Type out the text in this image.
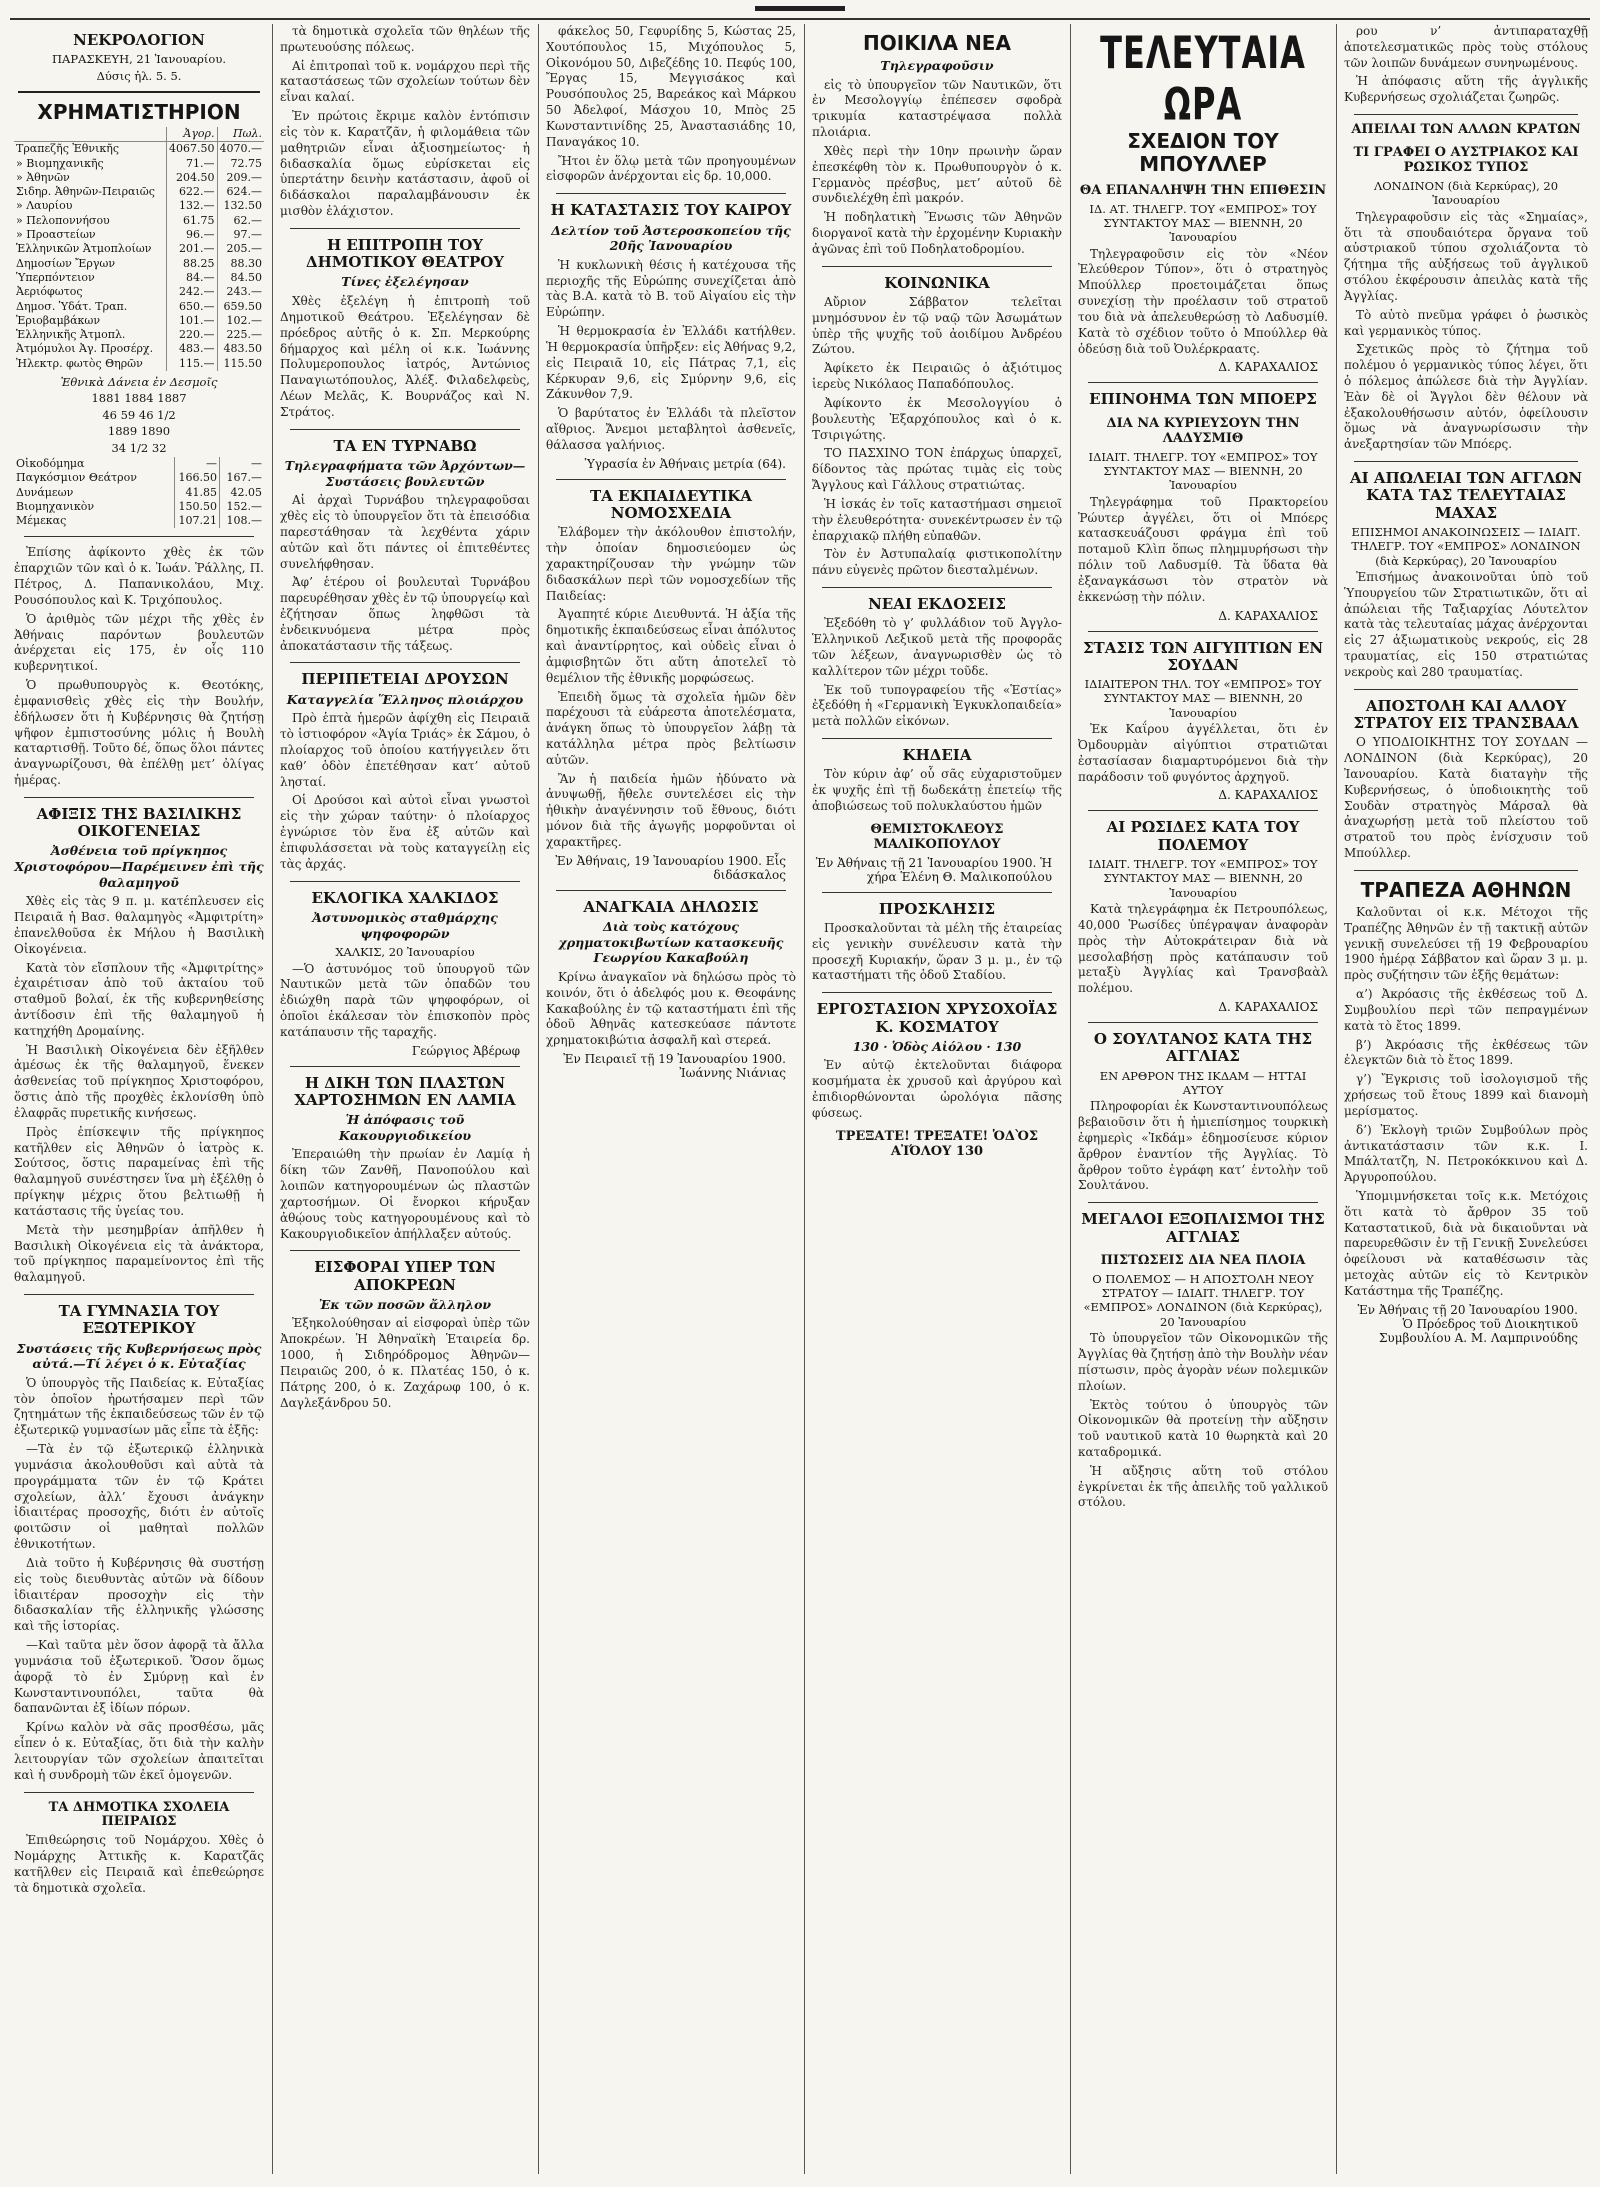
ΝΕΚΡΟΛΟΓΙΟΝ
ΠΑΡΑΣΚΕΥΗ, 21 Ἰανουαρίου.
Δύσις ἡλ. 5. 5.
ΧΡΗΜΑΤΙΣΤΗΡΙΟΝ
	Ἀγορ.	Πωλ.
Τραπεζῆς Ἐθνικῆς	4067.50	4070.—
» Βιομηχανικῆς	71.—	72.75
» Ἀθηνῶν	204.50	209.—
Σιδηρ. Ἀθηνῶν-Πειραιῶς	622.—	624.—
» Λαυρίου	132.—	132.50
» Πελοποννήσου	61.75	62.—
» Προαστείων	96.—	97.—
Ἑλληνικῶν Ἀτμοπλοίων	201.—	205.—
Δημοσίων Ἔργων	88.25	88.30
Ὑπερπόντειον	84.—	84.50
Ἀεριόφωτος	242.—	243.—
Δημοσ. Ὑδάτ. Τραπ.	650.—	659.50
Ἐριοβαμβάκων	101.—	102.—
Ἑλληνικῆς Ἀτμοπλ.	220.—	225.—
Ἀτμόμυλοι Ἀγ. Προσέρχ.	483.—	483.50
Ἠλεκτρ. φωτὸς Θηρῶν	115.—	115.50
Ἐθνικὰ Δάνεια ἐν Δεσμοῖς
1881 1884 1887
46 59 46 1/2
1889 1890
34 1/2 32
Οἰκοδόμημα	—	—
Παγκόσμιον Θεάτρον	166.50	167.—
Δυνάμεων	41.85	42.05
Βιομηχανικὸν	150.50	152.—
Μέμεκας	107.21	108.—

Ἐπίσης ἀφίκοντο χθὲς ἐκ τῶν ἐπαρχιῶν τῶν καὶ ὁ κ. Ἰωάν. Ῥάλλης, Π. Πέτρος, Δ. Παπανικολάου, Μιχ. Ρουσόπουλος καὶ Κ. Τριχόπουλος.

Ὁ ἀριθμὸς τῶν μέχρι τῆς χθὲς ἐν Ἀθήναις παρόντων βουλευτῶν ἀνέρχεται εἰς 175, ἐν οἷς 110 κυβερνητικοί.

Ὁ πρωθυπουργὸς κ. Θεοτόκης, ἐμφανισθεὶς χθὲς εἰς τὴν Βουλήν, ἐδήλωσεν ὅτι ἡ Κυβέρνησις θὰ ζητήσῃ ψῆφον ἐμπιστοσύνης μόλις ἡ Βουλὴ καταρτισθῇ. Τοῦτο δέ, ὅπως ὅλοι πάντες ἀναγνωρίζουσι, θὰ ἐπέλθῃ μετ’ ὀλίγας ἡμέρας.

ΑΦΙΞΙΣ ΤΗΣ ΒΑΣΙΛΙΚΗΣ ΟΙΚΟΓΕΝΕΙΑΣ
Ἀσθένεια τοῦ πρίγκηπος Χριστοφόρου—Παρέμεινεν ἐπὶ τῆς θαλαμηγοῦ

Χθὲς εἰς τὰς 9 π. μ. κατέπλευσεν εἰς Πειραιᾶ ἡ Βασ. θαλαμηγὸς «Ἀμφιτρίτη» ἐπανελθοῦσα ἐκ Μήλου ἡ Βασιλικὴ Οἰκογένεια.

Κατὰ τὸν εἴσπλουν τῆς «Ἀμφιτρίτης» ἐχαιρέτισαν ἀπὸ τοῦ ἀκταίου τοῦ σταθμοῦ βολαί, ἐκ τῆς κυβερνηθείσης ἀντίδοσιν ἐπὶ τῆς θαλαμηγοῦ ἡ κατηχήθη Δρομαίνης.

Ἡ Βασιλικὴ Οἰκογένεια δὲν ἐξῆλθεν ἀμέσως ἐκ τῆς θαλαμηγοῦ, ἕνεκεν ἀσθενείας τοῦ πρίγκηπος Χριστοφόρου, ὅστις ἀπὸ τῆς προχθὲς ἐκλονίσθη ὑπὸ ἐλαφρᾶς πυρετικῆς κινήσεως.

Πρὸς ἐπίσκεψιν τῆς πρίγκηπος κατῆλθεν εἰς Ἀθηνῶν ὁ ἰατρὸς κ. Σούτσος, ὅστις παραμείνας ἐπὶ τῆς θαλαμηγοῦ συνέστησεν ἵνα μὴ ἐξέλθῃ ὁ πρίγκηψ μέχρις ὅτου βελτιωθῇ ἡ κατάστασις τῆς ὑγείας του.

Μετὰ τὴν μεσημβρίαν ἀπῆλθεν ἡ Βασιλικὴ Οἰκογένεια εἰς τὰ ἀνάκτορα, τοῦ πρίγκηπος παραμείνοντος ἐπὶ τῆς θαλαμηγοῦ.

ΤΑ ΓΥΜΝΑΣΙΑ ΤΟΥ ΕΞΩΤΕΡΙΚΟΥ
Συστάσεις τῆς Κυβερνήσεως πρὸς αὐτά.—Τί λέγει ὁ κ. Εὐταξίας

Ὁ ὑπουργὸς τῆς Παιδείας κ. Εὐταξίας τὸν ὁποῖον ἠρωτήσαμεν περὶ τῶν ζητημάτων τῆς ἐκπαιδεύσεως τῶν ἐν τῷ ἐξωτερικῷ γυμνασίων μᾶς εἶπε τὰ ἑξῆς:

—Τὰ ἐν τῷ ἐξωτερικῷ ἑλληνικὰ γυμνάσια ἀκολουθοῦσι καὶ αὐτὰ τὰ προγράμματα τῶν ἐν τῷ Κράτει σχολείων, ἀλλ’ ἔχουσι ἀνάγκην ἰδιαιτέρας προσοχῆς, διότι ἐν αὐτοῖς φοιτῶσιν οἱ μαθηταὶ πολλῶν ἐθνικοτήτων.

Διὰ τοῦτο ἡ Κυβέρνησις θὰ συστήσῃ εἰς τοὺς διευθυντὰς αὐτῶν νὰ δίδουν ἰδιαιτέραν προσοχὴν εἰς τὴν διδασκαλίαν τῆς ἑλληνικῆς γλώσσης καὶ τῆς ἱστορίας.

—Καὶ ταῦτα μὲν ὅσον ἀφορᾷ τὰ ἄλλα γυμνάσια τοῦ ἐξωτερικοῦ. Ὅσον ὅμως ἀφορᾷ τὸ ἐν Σμύρνῃ καὶ ἐν Κωνσταντινουπόλει, ταῦτα θὰ δαπανῶνται ἐξ ἰδίων πόρων.

Κρίνω καλὸν νὰ σᾶς προσθέσω, μᾶς εἶπεν ὁ κ. Εὐταξίας, ὅτι διὰ τὴν καλὴν λειτουργίαν τῶν σχολείων ἀπαιτεῖται καὶ ἡ συνδρομὴ τῶν ἐκεῖ ὁμογενῶν.

ΤΑ ΔΗΜΟΤΙΚΑ ΣΧΟΛΕΙΑ ΠΕΙΡΑΙΩΣ

Ἐπιθεώρησις τοῦ Νομάρχου. Χθὲς ὁ Νομάρχης Ἀττικῆς κ. Καρατζᾶς κατῆλθεν εἰς Πειραιᾶ καὶ ἐπεθεώρησε τὰ δημοτικὰ σχολεῖα.

τὰ δημοτικὰ σχολεῖα τῶν θηλέων τῆς πρωτευούσης πόλεως.

Αἱ ἐπιτροπαὶ τοῦ κ. νομάρχου περὶ τῆς καταστάσεως τῶν σχολείων τούτων δὲν εἶναι καλαί.

Ἐν πρώτοις ἔκριμε καλὸν ἐντόπισιν εἰς τὸν κ. Καρατζᾶν, ἡ φιλομάθεια τῶν μαθητριῶν εἶναι ἀξιοσημείωτος· ἡ διδασκαλία ὅμως εὐρίσκεται εἰς ὑπερτάτην δεινὴν κατάστασιν, ἀφοῦ οἱ διδάσκαλοι παραλαμβάνουσιν ἐκ μισθὸν ἐλάχιστον.

Η ΕΠΙΤΡΟΠΗ ΤΟΥ ΔΗΜΟΤΙΚΟΥ ΘΕΑΤΡΟΥ
Τίνες ἐξελέγησαν

Χθὲς ἐξελέγη ἡ ἐπιτροπὴ τοῦ Δημοτικοῦ Θεάτρου. Ἐξελέγησαν δὲ πρόεδρος αὐτῆς ὁ κ. Σπ. Μερκούρης δήμαρχος καὶ μέλη οἱ κ.κ. Ἰωάννης Πολυμεροπουλος ἰατρός, Ἀντώνιος Παναγιωτόπουλος, Ἀλέξ. Φιλαδελφεὺς, Λέων Μελᾶς, Κ. Βουρνάζος καὶ Ν. Στράτος.

ΤΑ ΕΝ ΤΥΡΝΑΒΩ
Τηλεγραφήματα τῶν Ἀρχόντων—Συστάσεις βουλευτῶν

Αἱ ἀρχαὶ Τυρνάβου τηλεγραφοῦσαι χθὲς εἰς τὸ ὑπουργεῖον ὅτι τὰ ἐπεισόδια παρεστάθησαν τὰ λεχθέντα χάριν αὐτῶν καὶ ὅτι πάντες οἱ ἐπιτεθέντες συνελήφθησαν.

Ἀφ’ ἑτέρου οἱ βουλευταὶ Τυρνάβου παρευρέθησαν χθὲς ἐν τῷ ὑπουργείῳ καὶ ἐζήτησαν ὅπως ληφθῶσι τὰ ἐνδεικνυόμενα μέτρα πρὸς ἀποκατάστασιν τῆς τάξεως.

ΠΕΡΙΠΕΤΕΙΑΙ ΔΡΟΥΣΩΝ
Καταγγελία Ἕλληνος πλοιάρχου

Πρὸ ἑπτὰ ἡμερῶν ἀφίχθη εἰς Πειραιᾶ τὸ ἱστιοφόρον «Ἁγία Τριάς» ἐκ Σάμου, ὁ πλοίαρχος τοῦ ὁποίου κατήγγειλεν ὅτι καθ’ ὁδὸν ἐπετέθησαν κατ’ αὐτοῦ λησταί.

Οἱ Δρούσοι καὶ αὐτοὶ εἶναι γνωστοὶ εἰς τὴν χώραν ταύτην· ὁ πλοίαρχος ἐγνώρισε τὸν ἕνα ἐξ αὐτῶν καὶ ἐπιφυλάσσεται νὰ τοὺς καταγγείλῃ εἰς τὰς ἀρχάς.

ΕΚΛΟΓΙΚΑ ΧΑΛΚΙΔΟΣ
Ἀστυνομικὸς σταθμάρχης ψηφοφορῶν
ΧΑΛΚΙΣ, 20 Ἰανουαρίου

—Ὁ ἀστυνόμος τοῦ ὑπουργοῦ τῶν Ναυτικῶν μετὰ τῶν ὀπαδῶν του ἐδιώχθη παρὰ τῶν ψηφοφόρων, οἱ ὁποῖοι ἐκάλεσαν τὸν ἐπισκοπὸν πρὸς κατάπαυσιν τῆς ταραχῆς.

Γεώργιος Ἀβέρωφ
Η ΔΙΚΗ ΤΩΝ ΠΛΑΣΤΩΝ ΧΑΡΤΟΣΗΜΩΝ ΕΝ ΛΑΜΙΑ
Ἡ ἀπόφασις τοῦ Κακουργιοδικείου

Ἐπεραιώθη τὴν πρωίαν ἐν Λαμίᾳ ἡ δίκη τῶν Ζανθῆ, Πανοπούλου καὶ λοιπῶν κατηγορουμένων ὡς πλαστῶν χαρτοσήμων. Οἱ ἔνορκοι κήρυξαν ἀθῴους τοὺς κατηγορουμένους καὶ τὸ Κακουργιοδικεῖον ἀπήλλαξεν αὐτούς.

ΕΙΣΦΟΡΑΙ ΥΠΕΡ ΤΩΝ ΑΠΟΚΡΕΩΝ
Ἐκ τῶν ποσῶν ἄλληλον

Ἐξηκολούθησαν αἱ εἰσφοραὶ ὑπὲρ τῶν Ἀποκρέων. Ἡ Ἀθηναϊκὴ Ἑταιρεία δρ. 1000, ἡ Σιδηρόδρομος Ἀθηνῶν—Πειραιῶς 200, ὁ κ. Πλατέας 150, ὁ κ. Πάτρης 200, ὁ κ. Ζαχάρωφ 100, ὁ κ. Δαγλεξάνδρου 50.

φάκελος 50, Γεφυρίδης 5, Κώστας 25, Χουτόπουλος 15, Μιχόπουλος 5, Οἰκονόμου 50, Διβεζέδης 10. Πεφύς 100, Ἔργας 15, Μεγγισάκος καὶ Ρουσόπουλος 25, Βαρεάκος καὶ Μάρκου 50 Ἀδελφοί, Μάσχου 10, Μπὸς 25 Κωνσταντινίδης 25, Ἀναστασιάδης 10, Παναγάκος 10.

Ἤτοι ἐν ὅλῳ μετὰ τῶν προηγουμένων εἰσφορῶν ἀνέρχονται εἰς δρ. 10,000.

Η ΚΑΤΑΣΤΑΣΙΣ ΤΟΥ ΚΑΙΡΟΥ
Δελτίον τοῦ Ἀστεροσκοπείου τῆς 20ῆς Ἰανουαρίου

Ἡ κυκλωνικὴ θέσις ἡ κατέχουσα τῆς περιοχῆς τῆς Εὐρώπης συνεχίζεται ἀπὸ τὰς Β.Α. κατὰ τὸ Β. τοῦ Αἰγαίου εἰς τὴν Εὐρώπην.

Ἡ θερμοκρασία ἐν Ἑλλάδι κατήλθεν. Ἡ θερμοκρασία ὑπῆρξεν: εἰς Ἀθήνας 9,2, εἰς Πειραιᾶ 10, εἰς Πάτρας 7,1, εἰς Κέρκυραν 9,6, εἰς Σμύρνην 9,6, εἰς Ζάκυνθον 7,9.

Ὁ βαρύτατος ἐν Ἑλλάδι τὰ πλεῖστον αἴθριος. Ἄνεμοι μεταβλητοὶ ἀσθενεῖς, θάλασσα γαλήνιος.

Ὑγρασία ἐν Ἀθήναις μετρία (64).
ΤΑ ΕΚΠΑΙΔΕΥΤΙΚΑ ΝΟΜΟΣΧΕΔΙΑ

Ἐλάβομεν τὴν ἀκόλουθον ἐπιστολήν, τὴν ὁποίαν δημοσιεύομεν ὡς χαρακτηρίζουσαν τὴν γνώμην τῶν διδασκάλων περὶ τῶν νομοσχεδίων τῆς Παιδείας:

Ἀγαπητέ κύριε Διευθυντά. Ἡ ἀξία τῆς δημοτικῆς ἐκπαιδεύσεως εἶναι ἀπόλυτος καὶ ἀναντίρρητος, καὶ οὐδεὶς εἶναι ὁ ἀμφισβητῶν ὅτι αὕτη ἀποτελεῖ τὸ θεμέλιον τῆς ἐθνικῆς μορφώσεως.

Ἐπειδὴ ὅμως τὰ σχολεῖα ἡμῶν δὲν παρέχουσι τὰ εὐάρεστα ἀποτελέσματα, ἀνάγκη ὅπως τὸ ὑπουργεῖον λάβῃ τὰ κατάλληλα μέτρα πρὸς βελτίωσιν αὐτῶν.

Ἂν ἡ παιδεία ἡμῶν ἠδύνατο νὰ ἀνυψωθῇ, ἤθελε συντελέσει εἰς τὴν ἠθικὴν ἀναγέννησιν τοῦ ἔθνους, διότι μόνον διὰ τῆς ἀγωγῆς μορφοῦνται οἱ χαρακτῆρες.

Ἐν Ἀθήναις, 19 Ἰανουαρίου 1900. Εἷς διδάσκαλος
ΑΝΑΓΚΑΙΑ ΔΗΛΩΣΙΣ
Διὰ τοὺς κατόχους χρηματοκιβωτίων κατασκευῆς Γεωργίου Κακαβούλη

Κρίνω ἀναγκαῖον νὰ δηλώσω πρὸς τὸ κοινόν, ὅτι ὁ ἀδελφός μου κ. Θεοφάνης Κακαβούλης ἐν τῷ καταστήματι ἐπὶ τῆς ὁδοῦ Ἀθηνᾶς κατεσκεύασε πάντοτε χρηματοκιβώτια ἀσφαλῆ καὶ στερεά.

Ἐν Πειραιεῖ τῇ 19 Ἰανουαρίου 1900. Ἰωάννης Νιάνιας
ΠΟΙΚΙΛΑ ΝΕΑ
Τηλεγραφοῦσιν

εἰς τὸ ὑπουργεῖον τῶν Ναυτικῶν, ὅτι ἐν Μεσολογγίῳ ἐπέπεσεν σφοδρὰ τρικυμία καταστρέψασα πολλὰ πλοιάρια.

Χθὲς περὶ τὴν 10ην πρωινὴν ὥραν ἐπεσκέφθη τὸν κ. Πρωθυπουργὸν ὁ κ. Γερμανὸς πρέσβυς, μετ’ αὐτοῦ δὲ συνδιελέχθη ἐπὶ μακρόν.

Ἡ ποδηλατικὴ Ἕνωσις τῶν Ἀθηνῶν διοργανοῖ κατὰ τὴν ἐρχομένην Κυριακὴν ἀγῶνας ἐπὶ τοῦ Ποδηλατοδρομίου.

ΚΟΙΝΩΝΙΚΑ

Αὔριον Σάββατον τελεῖται μνημόσυνον ἐν τῷ ναῷ τῶν Ἀσωμάτων ὑπὲρ τῆς ψυχῆς τοῦ ἀοιδίμου Ἀνδρέου Ζώτου.

Ἀφίκετο ἐκ Πειραιῶς ὁ ἀξιότιμος ἱερεὺς Νικόλαος Παπαδόπουλος.

Ἀφίκοντο ἐκ Μεσολογγίου ὁ βουλευτὴς Ἐξαρχόπουλος καὶ ὁ κ. Τσιριγώτης.

ΤΟ ΠΑΣΧΙΝΟ ΤΟΝ ἐπάρχως ὑπαρχεῖ, δίδοντος τὰς πρώτας τιμὰς εἰς τοὺς Ἄγγλους καὶ Γάλλους στρατιώτας.

Ἡ ἰσκάς ἐν τοῖς καταστήμασι σημειοῖ τὴν ἐλευθερότητα· συνεκέντρωσεν ἐν τῷ ἐπαρχιακῷ πλήθη εὐπαθῶν.

Τὸν ἐν Ἀστυπαλαίᾳ φιστικοπολίτην πάνυ εὐγενὲς πρῶτον διεσταλμένων.

ΝΕΑΙ ΕΚΔΟΣΕΙΣ

Ἐξεδόθη τὸ γ’ φυλλάδιον τοῦ Ἀγγλο-Ἑλληνικοῦ Λεξικοῦ μετὰ τῆς προφορᾶς τῶν λέξεων, ἀναγνωρισθὲν ὡς τὸ καλλίτερον τῶν μέχρι τοῦδε.

Ἐκ τοῦ τυπογραφείου τῆς «Ἑστίας» ἐξεδόθη ἡ «Γερμανικὴ Ἐγκυκλοπαιδεία» μετὰ πολλῶν εἰκόνων.

ΚΗΔΕΙΑ

Τὸν κύριν ἀφ’ οὗ σᾶς εὐχαριστοῦμεν ἐκ ψυχῆς ἐπὶ τῇ δωδεκάτῃ ἐπετείῳ τῆς ἀποβιώσεως τοῦ πολυκλαύστου ἡμῶν

ΘΕΜΙΣΤΟΚΛΕΟΥΣ ΜΑΛΙΚΟΠΟΥΛΟΥ
Ἐν Ἀθήναις τῇ 21 Ἰανουαρίου 1900. Ἡ χήρα Ἑλένη Θ. Μαλικοπούλου
ΠΡΟΣΚΛΗΣΙΣ

Προσκαλοῦνται τὰ μέλη τῆς ἑταιρείας εἰς γενικὴν συνέλευσιν κατὰ τὴν προσεχῆ Κυριακήν, ὥραν 3 μ. μ., ἐν τῷ καταστήματι τῆς ὁδοῦ Σταδίου.

ΕΡΓΟΣΤΑΣΙΟΝ ΧΡΥΣΟΧΟΪΑΣ Κ. ΚΟΣΜΑΤΟΥ
130 · Ὁδὸς Αἰόλου · 130

Ἐν αὐτῷ ἐκτελοῦνται διάφορα κοσμήματα ἐκ χρυσοῦ καὶ ἀργύρου καὶ ἐπιδιορθώνονται ὡρολόγια πᾶσης φύσεως.

ΤΡΕΞΑΤΕ! ΤΡΕΞΑΤΕ! ὉΔῸΣ ΑἸΌΛΟΥ 130
ΤΕΛΕΥΤΑΙΑ ΩΡΑ
ΣΧΕΔΙΟΝ ΤΟΥ ΜΠΟΥΛΛΕΡ
ΘΑ ΕΠΑΝΑΛΗΨΗ ΤΗΝ ΕΠΙΘΕΣΙΝ
ΙΔ. ΑΤ. ΤΗΛΕΓΡ. ΤΟΥ «ΕΜΠΡΟΣ» ΤΟΥ ΣΥΝΤΑΚΤΟΥ ΜΑΣ — ΒΙΕΝΝΗ, 20 Ἰανουαρίου

Τηλεγραφοῦσιν εἰς τὸν «Νέον Ἐλεύθερον Τύπον», ὅτι ὁ στρατηγὸς Μπούλλερ προετοιμάζεται ὅπως συνεχίσῃ τὴν προέλασιν τοῦ στρατοῦ του διὰ νὰ ἀπελευθερώσῃ τὸ Λαδυσμίθ. Κατὰ τὸ σχέδιον τοῦτο ὁ Μπούλλερ θὰ ὁδεύσῃ διὰ τοῦ Ὀυλέρκραατς.

Δ. ΚΑΡΑΧΑΛΙΟΣ
ΕΠΙΝΟΗΜΑ ΤΩΝ ΜΠΟΕΡΣ
ΔΙΑ ΝΑ ΚΥΡΙΕΥΣΟΥΝ ΤΗΝ ΛΑΔΥΣΜΙΘ
ΙΔΙΑΙΤ. ΤΗΛΕΓΡ. ΤΟΥ «ΕΜΠΡΟΣ» ΤΟΥ ΣΥΝΤΑΚΤΟΥ ΜΑΣ — ΒΙΕΝΝΗ, 20 Ἰανουαρίου

Τηλεγράφημα τοῦ Πρακτορείου Ῥώυτερ ἀγγέλει, ὅτι οἱ Μπόερς κατασκευάζουσι φράγμα ἐπὶ τοῦ ποταμοῦ Κλὶπ ὅπως πλημμυρήσωσι τὴν πόλιν τοῦ Λαδυσμίθ. Τὰ ὕδατα θὰ ἐξαναγκάσωσι τὸν στρατὸν νὰ ἐκκενώσῃ τὴν πόλιν.

Δ. ΚΑΡΑΧΑΛΙΟΣ
ΣΤΑΣΙΣ ΤΩΝ ΑΙΓΥΠΤΙΩΝ ΕΝ ΣΟΥΔΑΝ
ΙΔΙΑΙΤΕΡΟΝ ΤΗΛ. ΤΟΥ «ΕΜΠΡΟΣ» ΤΟΥ ΣΥΝΤΑΚΤΟΥ ΜΑΣ — ΒΙΕΝΝΗ, 20 Ἰανουαρίου

Ἐκ Καΐρου ἀγγέλλεται, ὅτι ἐν Ὀμδουρμὰν αἰγύπτιοι στρατιῶται ἐστασίασαν διαμαρτυρόμενοι διὰ τὴν παράδοσιν τοῦ φυγόντος ἀρχηγοῦ.

Δ. ΚΑΡΑΧΑΛΙΟΣ
ΑΙ ΡΩΣΙΔΕΣ ΚΑΤΑ ΤΟΥ ΠΟΛΕΜΟΥ
ΙΔΙΑΙΤ. ΤΗΛΕΓΡ. ΤΟΥ «ΕΜΠΡΟΣ» ΤΟΥ ΣΥΝΤΑΚΤΟΥ ΜΑΣ — ΒΙΕΝΝΗ, 20 Ἰανουαρίου

Κατὰ τηλεγράφημα ἐκ Πετρουπόλεως, 40,000 Ῥωσίδες ὑπέγραψαν ἀναφορὰν πρὸς τὴν Αὐτοκράτειραν διὰ νὰ μεσολαβήσῃ πρὸς κατάπαυσιν τοῦ μεταξὺ Ἀγγλίας καὶ Τρανσβαὰλ πολέμου.

Δ. ΚΑΡΑΧΑΛΙΟΣ
Ο ΣΟΥΛΤΑΝΟΣ ΚΑΤΑ ΤΗΣ ΑΓΓΛΙΑΣ
ΕΝ ΑΡΘΡΟΝ ΤΗΣ ΙΚΔΑΜ — ΗΤΤΑΙ ΑΥΤΟΥ

Πληροφορίαι ἐκ Κωνσταντινουπόλεως βεβαιοῦσιν ὅτι ἡ ἡμιεπίσημος τουρκικὴ ἐφημερὶς «Ἰκδάμ» ἐδημοσίευσε κύριον ἄρθρον ἐναντίον τῆς Ἀγγλίας. Τὸ ἄρθρον τοῦτο ἐγράφη κατ’ ἐντολὴν τοῦ Σουλτάνου.

ΜΕΓΑΛΟΙ ΕΞΟΠΛΙΣΜΟΙ ΤΗΣ ΑΓΓΛΙΑΣ
ΠΙΣΤΩΣΕΙΣ ΔΙΑ ΝΕΑ ΠΛΟΙΑ
Ο ΠΟΛΕΜΟΣ — Η ΑΠΟΣΤΟΛΗ ΝΕΟΥ ΣΤΡΑΤΟΥ — ΙΔΙΑΙΤ. ΤΗΛΕΓΡ. ΤΟΥ «ΕΜΠΡΟΣ» ΛΟΝΔΙΝΟΝ (διὰ Κερκύρας), 20 Ἰανουαρίου

Τὸ ὑπουργεῖον τῶν Οἰκονομικῶν τῆς Ἀγγλίας θὰ ζητήσῃ ἀπὸ τὴν Βουλὴν νέαν πίστωσιν, πρὸς ἀγορὰν νέων πολεμικῶν πλοίων.

Ἐκτὸς τούτου ὁ ὑπουργὸς τῶν Οἰκονομικῶν θὰ προτείνῃ τὴν αὔξησιν τοῦ ναυτικοῦ κατὰ 10 θωρηκτὰ καὶ 20 καταδρομικά.

Ἡ αὔξησις αὕτη τοῦ στόλου ἐγκρίνεται ἐκ τῆς ἀπειλῆς τοῦ γαλλικοῦ στόλου.

ρου ν’ ἀντιπαραταχθῇ ἀποτελεσματικῶς πρὸς τοὺς στόλους τῶν λοιπῶν δυνάμεων συνηνωμένους.

Ἡ ἀπόφασις αὕτη τῆς ἀγγλικῆς Κυβερνήσεως σχολιάζεται ζωηρῶς.

ΑΠΕΙΛΑΙ ΤΩΝ ΑΛΛΩΝ ΚΡΑΤΩΝ
ΤΙ ΓΡΑΦΕΙ Ο ΑΥΣΤΡΙΑΚΟΣ ΚΑΙ ΡΩΣΙΚΟΣ ΤΥΠΟΣ
ΛΟΝΔΙΝΟΝ (διὰ Κερκύρας), 20 Ἰανουαρίου

Τηλεγραφοῦσιν εἰς τὰς «Σημαίας», ὅτι τὰ σπουδαιότερα ὄργανα τοῦ αὐστριακοῦ τύπου σχολιάζοντα τὸ ζήτημα τῆς αὐξήσεως τοῦ ἀγγλικοῦ στόλου ἐκφέρουσιν ἀπειλὰς κατὰ τῆς Ἀγγλίας.

Τὸ αὐτὸ πνεῦμα γράφει ὁ ῥωσικὸς καὶ γερμανικὸς τύπος.

Σχετικῶς πρὸς τὸ ζήτημα τοῦ πολέμου ὁ γερμανικὸς τύπος λέγει, ὅτι ὁ πόλεμος ἀπώλεσε διὰ τὴν Ἀγγλίαν. Ἐὰν δὲ οἱ Ἄγγλοι δὲν θέλουν νὰ ἐξακολουθήσωσιν αὐτόν, ὀφείλουσιν ὅμως νὰ ἀναγνωρίσωσιν τὴν ἀνεξαρτησίαν τῶν Μπόερς.

ΑΙ ΑΠΩΛΕΙΑΙ ΤΩΝ ΑΓΓΛΩΝ ΚΑΤΑ ΤΑΣ ΤΕΛΕΥΤΑΙΑΣ ΜΑΧΑΣ
ΕΠΙΣΗΜΟΙ ΑΝΑΚΟΙΝΩΣΕΙΣ — ΙΔΙΑΙΤ. ΤΗΛΕΓΡ. ΤΟΥ «ΕΜΠΡΟΣ» ΛΟΝΔΙΝΟΝ (διὰ Κερκύρας), 20 Ἰανουαρίου

Ἐπισήμως ἀνακοινοῦται ὑπὸ τοῦ Ὑπουργείου τῶν Στρατιωτικῶν, ὅτι αἱ ἀπώλειαι τῆς Ταξιαρχίας Λόυτελτον κατὰ τὰς τελευταίας μάχας ἀνέρχονται εἰς 27 ἀξιωματικοὺς νεκρούς, εἰς 28 τραυματίας, εἰς 150 στρατιώτας νεκροὺς καὶ 280 τραυματίας.

ΑΠΟΣΤΟΛΗ ΚΑΙ ΑΛΛΟΥ ΣΤΡΑΤΟΥ ΕΙΣ ΤΡΑΝΣΒΑΑΛ

Ο ΥΠΟΔΙΟΙΚΗΤΗΣ ΤΟΥ ΣΟΥΔΑΝ — ΛΟΝΔΙΝΟΝ (διὰ Κερκύρας), 20 Ἰανουαρίου. Κατὰ διαταγὴν τῆς Κυβερνήσεως, ὁ ὑποδιοικητὴς τοῦ Σουδὰν στρατηγὸς Μάρσαλ θὰ ἀναχωρήσῃ μετὰ τοῦ πλείστου τοῦ στρατοῦ του πρὸς ἐνίσχυσιν τοῦ Μπούλλερ.

ΤΡΑΠΕΖΑ ΑΘΗΝΩΝ

Καλοῦνται οἱ κ.κ. Μέτοχοι τῆς Τραπέζης Ἀθηνῶν ἐν τῇ τακτικῇ αὐτῶν γενικῇ συνελεύσει τῇ 19 Φεβρουαρίου 1900 ἡμέρᾳ Σάββατον καὶ ὥραν 3 μ. μ. πρὸς συζήτησιν τῶν ἑξῆς θεμάτων:

α’) Ἀκρόασις τῆς ἐκθέσεως τοῦ Δ. Συμβουλίου περὶ τῶν πεπραγμένων κατὰ τὸ ἔτος 1899.

β’) Ἀκρόασις τῆς ἐκθέσεως τῶν ἐλεγκτῶν διὰ τὸ ἔτος 1899.

γ’) Ἔγκρισις τοῦ ἰσολογισμοῦ τῆς χρήσεως τοῦ ἔτους 1899 καὶ διανομὴ μερίσματος.

δ’) Ἐκλογὴ τριῶν Συμβούλων πρὸς ἀντικατάστασιν τῶν κ.κ. Ι. Μπάλτατζη, Ν. Πετροκόκκινου καὶ Δ. Ἀργυροπούλου.

Ὑπομιμνήσκεται τοῖς κ.κ. Μετόχοις ὅτι κατὰ τὸ ἄρθρον 35 τοῦ Καταστατικοῦ, διὰ νὰ δικαιοῦνται νὰ παρευρεθῶσιν ἐν τῇ Γενικῇ Συνελεύσει ὀφείλουσι νὰ καταθέσωσιν τὰς μετοχὰς αὐτῶν εἰς τὸ Κεντρικὸν Κατάστημα τῆς Τραπέζης.

Ἐν Ἀθήναις τῇ 20 Ἰανουαρίου 1900. Ὁ Πρόεδρος τοῦ Διοικητικοῦ Συμβουλίου Α. Μ. Λαμπρινούδης
